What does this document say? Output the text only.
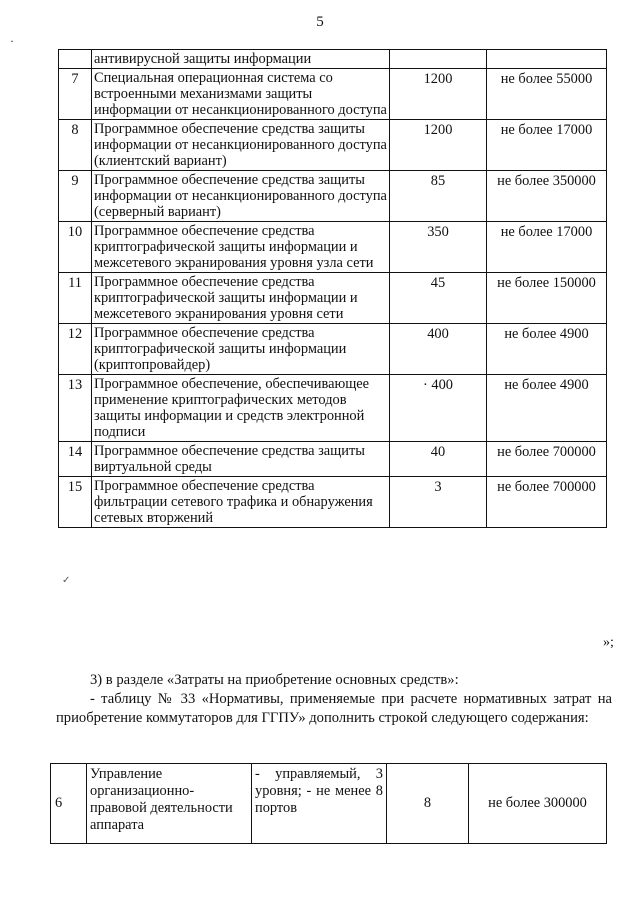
5
·
	антивирусной защиты информации		
7	Специальная операционная система со встроенными механизмами защиты информации от несанкционированного доступа	1200	не более 55000
8	Программное обеспечение средства защиты информации от несанкционированного доступа (клиентский вариант)	1200	не более 17000
9	Программное обеспечение средства защиты информации от несанкционированного доступа (серверный вариант)	85	не более 350000
10	Программное обеспечение средства криптографической защиты информации и межсетевого экранирования уровня узла сети	350	не более 17000
11	Программное обеспечение средства криптографической защиты информации и межсетевого экранирования уровня сети	45	не более 150000
12	Программное обеспечение средства криптографической защиты информации (криптопровайдер)	400	не более 4900
13	Программное обеспечение, обеспечивающее применение криптографических методов защиты информации и средств электронной подписи	· 400	не более 4900
14	Программное обеспечение средства защиты виртуальной среды	40	не более 700000
15	Программное обеспечение средства фильтрации сетевого трафика и обнаружения сетевых вторжений	3	не более 700000
✓
»;
3) в разделе «Затраты на приобретение основных средств»:
- таблицу № 33 «Нормативы, применяемые при расчете нормативных затрат на приобретение коммутаторов для ГГПУ» дополнить строкой следующего содержания:
6	Управление организационно-правовой деятельности аппарата	- управляемый, 3 уровня; - не менее 8 портов	8	не более 300000
